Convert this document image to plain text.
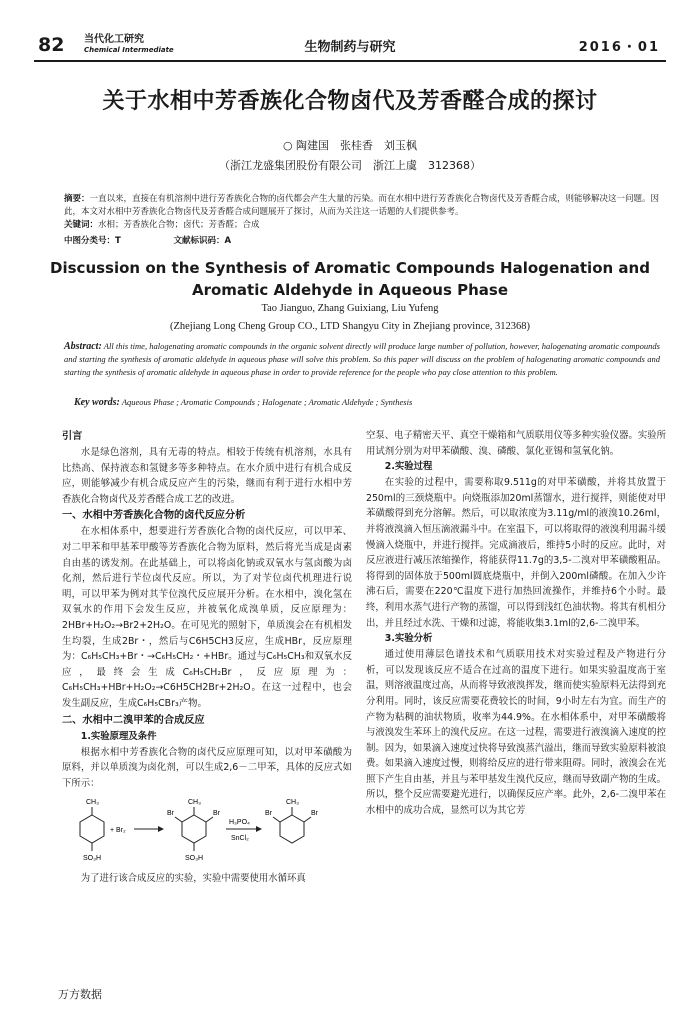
82 当代化工研究
Chemical Intermediate	生物制药与研究	2016・01
关于水相中芳香族化合物卤代及芳香醛合成的探讨
○ 陶建国　张桂香　刘玉枫
（浙江龙盛集团股份有限公司　浙江上虞　312368）
摘要：一直以来，直接在有机溶剂中进行芳香族化合物的卤代都会产生大量的污染。而在水相中进行芳香族化合物卤代及芳香醛合成，则能够解决这一问题。因此，本文对水相中芳香族化合物卤代及芳香醛合成问题展开了探讨，从而为关注这一话题的人们提供参考。
关键词：水相；芳香族化合物；卤代；芳香醛；合成
中图分类号：T	文献标识码：A
Discussion on the Synthesis of Aromatic Compounds Halogenation and Aromatic Aldehyde in Aqueous Phase
Tao Jianguo, Zhang Guixiang, Liu Yufeng
(Zhejiang Long Cheng Group CO., LTD Shangyu City in Zhejiang province, 312368)
Abstract: All this time, halogenating aromatic compounds in the organic solvent directly will produce large number of pollution, however, halogenating aromatic compounds and starting the synthesis of aromatic aldehyde in aqueous phase will solve this problem. So this paper will discuss on the problem of halogenating aromatic compounds and starting the synthesis of aromatic aldehyde in aqueous phase in order to provide reference for the people who pay close attention to this problem.
Key words: Aqueous Phase ; Aromatic Compounds ; Halogenate ; Aromatic Aldehyde ; Synthesis
引言

水是绿色溶剂，具有无毒的特点。相较于传统有机溶剂，水具有比热高、保持液态和氢键多等多种特点。在水介质中进行有机合成反应，则能够减少有机合成反应产生的污染，继而有利于进行水相中芳香族化合物卤代及芳香醛合成工艺的改进。

一、水相中芳香族化合物的卤代反应分析

在水相体系中，想要进行芳香族化合物的卤代反应，可以甲苯、对二甲苯和甲基苯甲酸等芳香族化合物为原料，然后将光当成是卤素自由基的诱发剂。在此基础上，可以将卤化钠或双氧水与氢卤酸为卤化剂，然后进行苄位卤代反应。所以，为了对苄位卤代机理进行说明，可以甲苯为例对其苄位溴代反应展开分析。在水相中，溴化氢在双氧水的作用下会发生反应，并被氧化成溴单质，反应原理为：2HBr+H₂O₂→Br2+2H₂O。在可见光的照射下，单质溴会在有机相发生均裂，生成2Br・，然后与C6H5CH3反应，生成HBr，反应原理为：C₆H₅CH₃+Br・→C₆H₅CH₂・+HBr。通过与C₆H₅CH₃和双氧水反应，最终会生成C₆H₅CH₂Br，反应原理为：C₆H₅CH₃+HBr+H₂O₂→C6H5CH2Br+2H₂O。在这一过程中，也会发生副反应，生成C₆H₅CBr₃产物。

二、水相中二溴甲苯的合成反应
1.实验原理及条件

根据水相中芳香族化合物的卤代反应原理可知，以对甲苯磺酸为原料，并以单质溴为卤化剂，可以生成2,6－二甲苯，具体的反应式如下所示：

CH₃
SO₃H
+ Br₂
CH₃
Br	Br
SO₃H
H₃PO₄
SnCl₂
CH₃
Br	Br

为了进行该合成反应的实验，实验中需要使用水循环真

空泵、电子精密天平、真空干燥箱和气质联用仪等多种实验仪器。实验所用试剂分别为对甲苯磺酸、溴、磷酸、氯化亚锡和氢氧化钠。

2.实验过程

在实验的过程中，需要称取9.511g的对甲苯磺酸，并将其放置于250ml的三颈烧瓶中。向烧瓶添加20ml蒸馏水，进行搅拌，则能使对甲苯磺酸得到充分溶解。然后，可以取浓度为3.11g/ml的液溴10.26ml，并将液溴滴入恒压滴液漏斗中。在室温下，可以将取得的液溴利用漏斗缓慢滴入烧瓶中，并进行搅拌。完成滴液后，维持5小时的反应。此时，对反应液进行减压浓缩操作，将能获得11.7g的3,5-二溴对甲苯磺酸粗品。将得到的固体放于500ml圆底烧瓶中，并倒入200ml磷酸。在加入少许沸石后，需要在220℃温度下进行加热回流操作，并维持6个小时。最终，利用水蒸气进行产物的蒸馏，可以得到浅红色油状物。将其有机相分出，并且经过水洗、干燥和过滤，将能收集3.1ml的2,6-二溴甲苯。

3.实验分析

通过使用薄层色谱技术和气质联用技术对实验过程及产物进行分析，可以发现该反应不适合在过高的温度下进行。如果实验温度高于室温，则溶液温度过高，从而将导致液溴挥发，继而使实验原料无法得到充分利用。同时，该反应需要花费较长的时间，9小时左右为宜。而生产的产物为粘稠的油状物质，收率为44.9%。在水相体系中，对甲苯磺酸将与液溴发生苯环上的溴代反应。在这一过程，需要进行液溴滴入速度的控制。因为，如果滴入速度过快将导致溴蒸汽溢出，继而导致实验原料被浪费。如果滴入速度过慢，则将给反应的进行带来阻碍。同时，液溴会在光照下产生自由基，并且与苯甲基发生溴代反应，继而导致副产物的生成。所以，整个反应需要避光进行，以确保反应产率。此外，2,6-二溴甲苯在水相中的成功合成，显然可以为其它芳

万方数据
